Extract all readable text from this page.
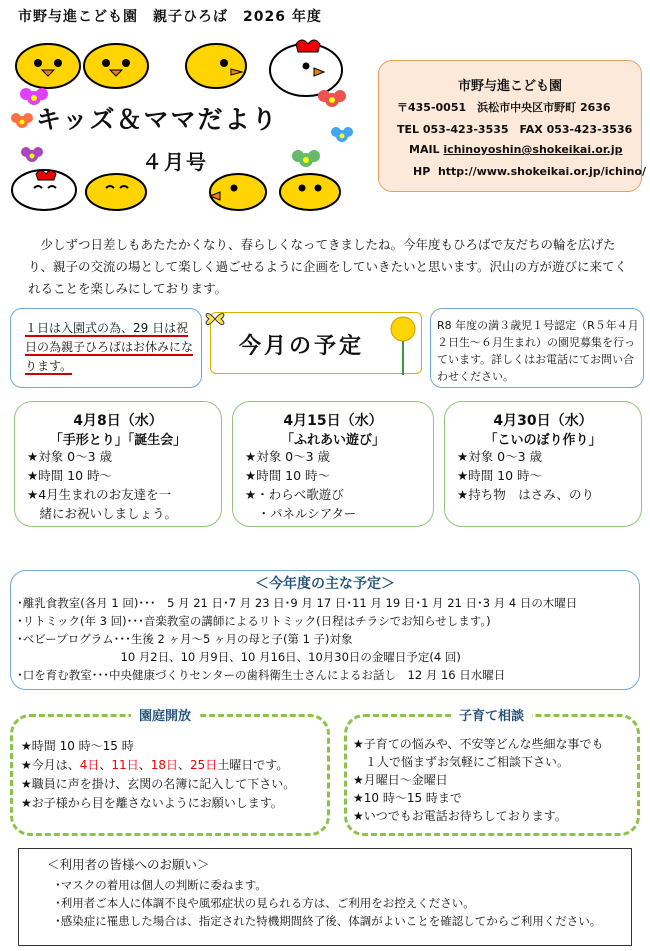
市野与進こども園　親子ひろば　2026 年度
キッズ＆ママだより
４月号
市野与進こども園
〒435-0051　浜松市中央区市野町 2636
TEL 053-423-3535　FAX 053-423-3536
MAIL ichinoyoshin@shokeikai.or.jp
HP http://www.shokeikai.or.jp/ichino/
少しずつ日差しもあたたかくなり、春らしくなってきましたね。今年度もひろばで友だちの輪を広げたり、親子の交流の場として楽しく過ごせるように企画をしていきたいと思います。沢山の方が遊びに来てくれることを楽しみにしております。
１日は入園式の為、29 日は祝日の為親子ひろばはお休みになります。
今月の予定
R8 年度の満３歳児１号認定（R５年４月２日生～６月生まれ）の園児募集を行っています。詳しくはお電話にてお問い合わせください。
4月8日（水）
「手形とり」「誕生会」
★対象 0～3 歳
★時間 10 時～
★4月生まれのお友達を一
　緒にお祝いしましょう。
4月15日（水）
「ふれあい遊び」
★対象 0～3 歳
★時間 10 時～
★・わらべ歌遊び
　・パネルシアター
4月30日（水）
「こいのぼり作り」
★対象 0～3 歳
★時間 10 時～
★持ち物　はさみ、のり
＜今年度の主な予定＞
･離乳食教室(各月 1 回)･･･　5 月 21 日･7 月 23 日･9 月 17 日･11 月 19 日･1 月 21 日･3 月 4 日の木曜日
･リトミック(年 3 回)･･･音楽教室の講師によるリトミック(日程はチラシでお知らせします。)
･ベビープログラム･･･生後 2 ヶ月～5 ヶ月の母と子(第 1 子)対象
　　　　　　　　　10 月2日、10 月9日、10 月16日、10月30日の金曜日予定(4 回)
･口を育む教室･･･中央健康づくりセンターの歯科衛生士さんによるお話し　12 月 16 日水曜日
園庭開放
★時間 10 時～15 時
★今月は、4日、11日、18日、25日土曜日です。
★職員に声を掛け、玄関の名簿に記入して下さい。
★お子様から目を離さないようにお願いします。
子育て相談
★子育ての悩みや、不安等どんな些細な事でも
　１人で悩まずお気軽にご相談下さい。
★月曜日～金曜日
★10 時～15 時まで
★いつでもお電話お待ちしております。
＜利用者の皆様へのお願い＞
･マスクの着用は個人の判断に委ねます。
･利用者ご本人に体調不良や風邪症状の見られる方は、ご利用をお控えください。
･感染症に罹患した場合は、指定された特機期間終了後、体調がよいことを確認してからご利用ください。
